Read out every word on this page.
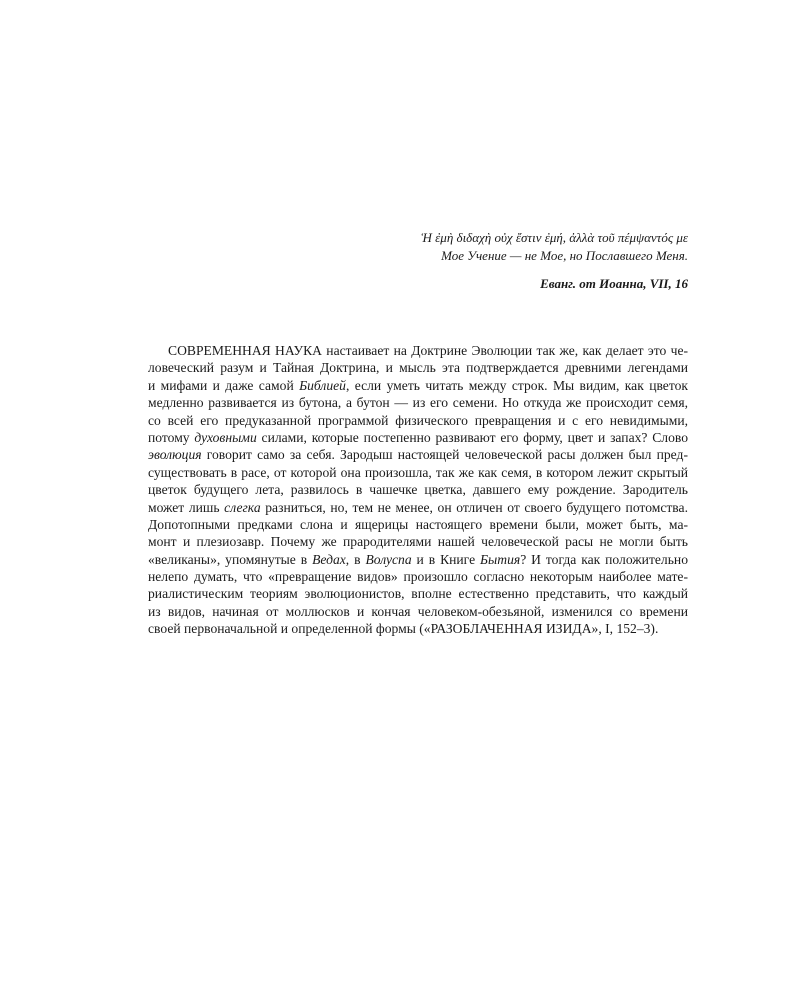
Ἡ ἐμὴ διδαχὴ οὐχ ἔστιν ἐμή, ἀλλὰ τοῦ πέμψαντός με
Мое Учение — не Мое, но Пославшего Меня.
Еванг. от Иоанна, VII, 16
СОВРЕМЕННАЯ НАУКА настаивает на Доктрине Эволюции так же, как делает это че-
ловеческий разум и Тайная Доктрина, и мысль эта подтверждается древними легендами
и мифами и даже самой Библией, если уметь читать между строк. Мы видим, как цветок
медленно развивается из бутона, а бутон — из его семени. Но откуда же происходит семя,
со всей его предуказанной программой физического превращения и с его невидимыми,
потому духовными силами, которые постепенно развивают его форму, цвет и запах? Слово
эволюция говорит само за себя. Зародыш настоящей человеческой расы должен был пред-
существовать в расе, от которой она произошла, так же как семя, в котором лежит скрытый
цветок будущего лета, развилось в чашечке цветка, давшего ему рождение. Зародитель
может лишь слегка разниться, но, тем не менее, он отличен от своего будущего потомства.
Допотопными предками слона и ящерицы настоящего времени были, может быть, ма-
монт и плезиозавр. Почему же прародителями нашей человеческой расы не могли быть
«великаны», упомянутые в Ведах, в Волуспа и в Книге Бытия? И тогда как положительно
нелепо думать, что «превращение видов» произошло согласно некоторым наиболее мате-
риалистическим теориям эволюционистов, вполне естественно представить, что каждый
из видов, начиная от моллюсков и кончая человеком-обезьяной, изменился со времени
своей первоначальной и определенной формы («РАЗОБЛАЧЕННАЯ ИЗИДА», I, 152–3).
